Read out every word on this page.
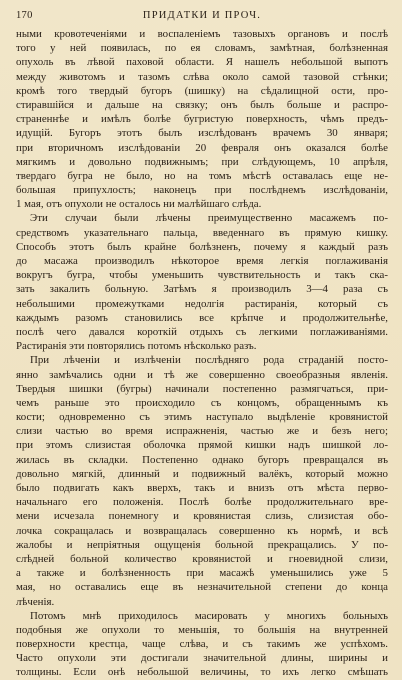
170	ПРИДАТКИ И ПРОЧ.
ными кровотеченіями и воспаленіемъ тазовыхъ органовъ и послѣ
того у ней появилась, по ея словамъ, замѣтная, болѣзненная
опухоль въ лѣвой паховой области. Я нашелъ небольшой выпотъ
между животомъ и тазомъ слѣва около самой тазовой стѣнки;
кромѣ того твердый бугоръ (шишку) на сѣдалищной ости, про-
стиравшійся и дальше на связку; онъ былъ больше и распро-
страненнѣе и имѣлъ болѣе бугристую поверхность, чѣмъ предъ-
идущій. Бугоръ этотъ былъ изслѣдованъ врачемъ 30 января;
при вторичномъ изслѣдованіи 20 февраля онъ оказался болѣе
мягкимъ и довольно подвижнымъ; при слѣдующемъ, 10 апрѣля,
твердаго бугра не было, но на томъ мѣстѣ оставалась еще не-
большая припухлость; наконецъ при послѣднемъ изслѣдованіи,
1 мая, отъ опухоли не осталось ни малѣйшаго слѣда.
Эти случаи были лѣчены преимущественно масажемъ по-
средствомъ указательнаго пальца, введеннаго въ прямую кишку.
Способъ этотъ былъ крайне болѣзненъ, почему я каждый разъ
до масажа производилъ нѣкоторое время легкія поглаживанія
вокругъ бугра, чтобы уменьшить чувствительность и такъ ска-
зать закалить больную. Затѣмъ я производилъ 3—4 раза съ
небольшими промежутками недолгія растиранія, который съ
каждымъ разомъ становились все крѣпче и продолжительнѣе,
послѣ чего давался короткій отдыхъ съ легкими поглаживаніями.
Растиранія эти повторялись потомъ нѣсколько разъ.
При лѣченіи и излѣченіи послѣдняго рода страданій посто-
янно замѣчались одни и тѣ же совершенно своеобразныя явленія.
Твердыя шишки (бугры) начинали постепенно размягчаться, при-
чемъ раньше это происходило съ концомъ, обращеннымъ къ
кости; одновременно съ этимъ наступало выдѣленіе кровянистой
слизи частью во время испражненія, частью же и безъ него;
при этомъ слизистая оболочка прямой кишки надъ шишкой ло-
жилась въ складки. Постепенно однако бугоръ превращался въ
довольно мягкій, длинный и подвижный валёкъ, который можно
было подвигать какъ вверхъ, такъ и внизъ отъ мѣста перво-
начальнаго его положенія. Послѣ болѣе продолжительнаго вре-
мени исчезала понемногу и кровянистая слизь, слизистая обо-
лочка сокращалась и возвращалась совершенно къ нормѣ, и всѣ
жалобы и непріятныя ощущенія больной прекращались. У по-
слѣдней больной количество кровянистой и гноевидной слизи,
а также и болѣзненность при масажѣ уменьшились уже 5
мая, но оставались еще въ незначительной степени до конца
лѣченія.
Потомъ мнѣ приходилось масировать у многихъ больныхъ
подобныя же опухоли то меньшія, то большія на внутренней
поверхности крестца, чаще слѣва, и съ такимъ же успѣхомъ.
Часто опухоли эти достигали значительной длины, ширины и
толщины. Если онѣ небольшой величины, то ихъ легко смѣшать
